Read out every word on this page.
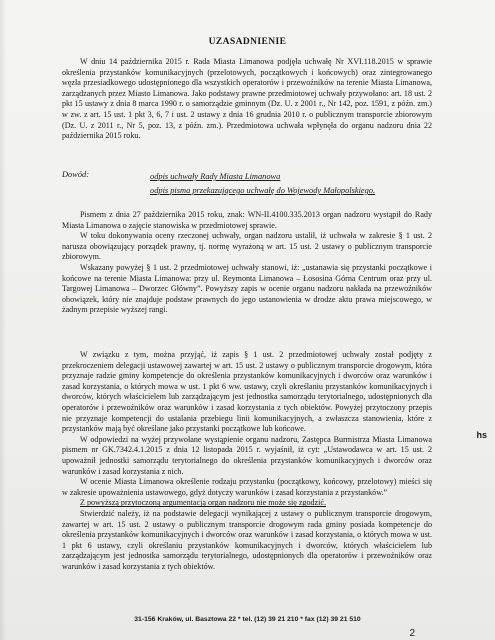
UZASADNIENIE

W dniu 14 października 2015 r. Rada Miasta Limanowa podjęła uchwałę Nr XVI.118.2015 w sprawie określenia przystanków komunikacyjnych (przelotowych, początkowych i końcowych) oraz zintegrowanego węzła przesiadkowego udostępnionego dla wszystkich operatorów i przewoźników na terenie Miasta Limanowa, zarządzanych przez Miasto Limanowa. Jako podstawy prawne przedmiotowej uchwały przywołano: art. 18 ust. 2 pkt 15 ustawy z dnia 8 marca 1990 r. o samorządzie gminnym (Dz. U. z 2001 r., Nr 142, poz. 1591, z późn. zm.) w zw. z art. 15 ust. 1 pkt 3, 6, 7 i ust. 2 ustawy z dnia 16 grudnia 2010 r. o publicznym transporcie zbiorowym (Dz. U. z 2011 r., Nr 5, poz. 13, z późn. zm.). Przedmiotowa uchwała wpłynęła do organu nadzoru dnia 22 października 2015 roku.

Dowód:	odpis uchwały Rady Miasta Limanowa
odpis pisma przekazującego uchwałę do Wojewody Małopolskiego.

Pismem z dnia 27 października 2015 roku, znak: WN-II.4100.335.2013 organ nadzoru wystąpił do Rady Miasta Limanowa o zajęcie stanowiska w przedmiotowej sprawie.

W toku dokonywania oceny rzeczonej uchwały, organ nadzoru ustalił, iż uchwała w zakresie § 1 ust. 2 narusza obowiązujący porządek prawny, tj. normę wyrażoną w art. 15 ust. 2 ustawy o publicznym transporcie zbiorowym.

Wskazany powyżej § 1 ust. 2 przedmiotowej uchwały stanowi, iż: „ustanawia się przystanki początkowe i końcowe na terenie Miasta Limanowa: przy ul. Reymonta Limanowa – Łososina Górna Centrum oraz przy ul. Targowej Limanowa – Dworzec Główny”. Powyższy zapis w ocenie organu nadzoru nakłada na przewoźników obowiązek, który nie znajduje podstaw prawnych do jego ustanowienia w drodze aktu prawa miejscowego, w żadnym przepisie wyższej rangi.

W związku z tym, można przyjąć, iż zapis § 1 ust. 2 przedmiotowej uchwały został podjęty z przekroczeniem delegacji ustawowej zawartej w art. 15 ust. 2 ustawy o publicznym transporcie drogowym, która przyznaje radzie gminy kompetencje do określenia przystanków komunikacyjnych i dworców oraz warunków i zasad korzystania, o których mowa w ust. 1 pkt 6 ww. ustawy, czyli określaniu przystanków komunikacyjnych i dworców, których właścicielem lub zarządzającym jest jednostka samorządu terytorialnego, udostępnionych dla operatorów i przewoźników oraz warunków i zasad korzystania z tych obiektów. Powyżej przytoczony przepis nie przyznaje kompetencji do ustalania przebiegu linii komunikacyjnych, a zwłaszcza stanowienia, które z przystanków mają być określane jako przystanki początkowe lub końcowe.

W odpowiedzi na wyżej przywołane wystąpienie organu nadzoru, Zastępca Burmistrza Miasta Limanowa pismem nr GK.7342.4.1.2015 z dnia 12 listopada 2015 r. wyjaśnił, iż cyt: „Ustawodawca w art. 15 ust. 2 upoważnił jednostki samorządu terytorialnego do określenia przystanków komunikacyjnych i dworców oraz warunków i zasad korzystania z nich.

W ocenie Miasta Limanowa określenie rodzaju przystanku (początkowy, końcowy, przelotowy) mieści się w zakresie upoważnienia ustawowego, gdyż dotyczy warunków i zasad korzystania z przystanków.”

Z powyższą przytoczoną argumentacją organ nadzoru nie może się zgodzić.

Stwierdzić należy, iż na podstawie delegacji wynikającej z ustawy o publicznym transporcie drogowym, zawartej w art. 15 ust. 2 ustawy o publicznym transporcie drogowym rada gminy posiada kompetencje do określenia przystanków komunikacyjnych i dworców oraz warunków i zasad korzystania, o których mowa w ust. 1 pkt 6 ustawy, czyli określaniu przystanków komunikacyjnych i dworców, których właścicielem lub zarządzającym jest jednostka samorządu terytorialnego, udostępnionych dla operatorów i przewoźników oraz warunków i zasad korzystania z tych obiektów.

hs
31-156 Kraków, ul. Basztowa 22 * tel. (12) 39 21 210 * fax (12) 39 21 510
2
